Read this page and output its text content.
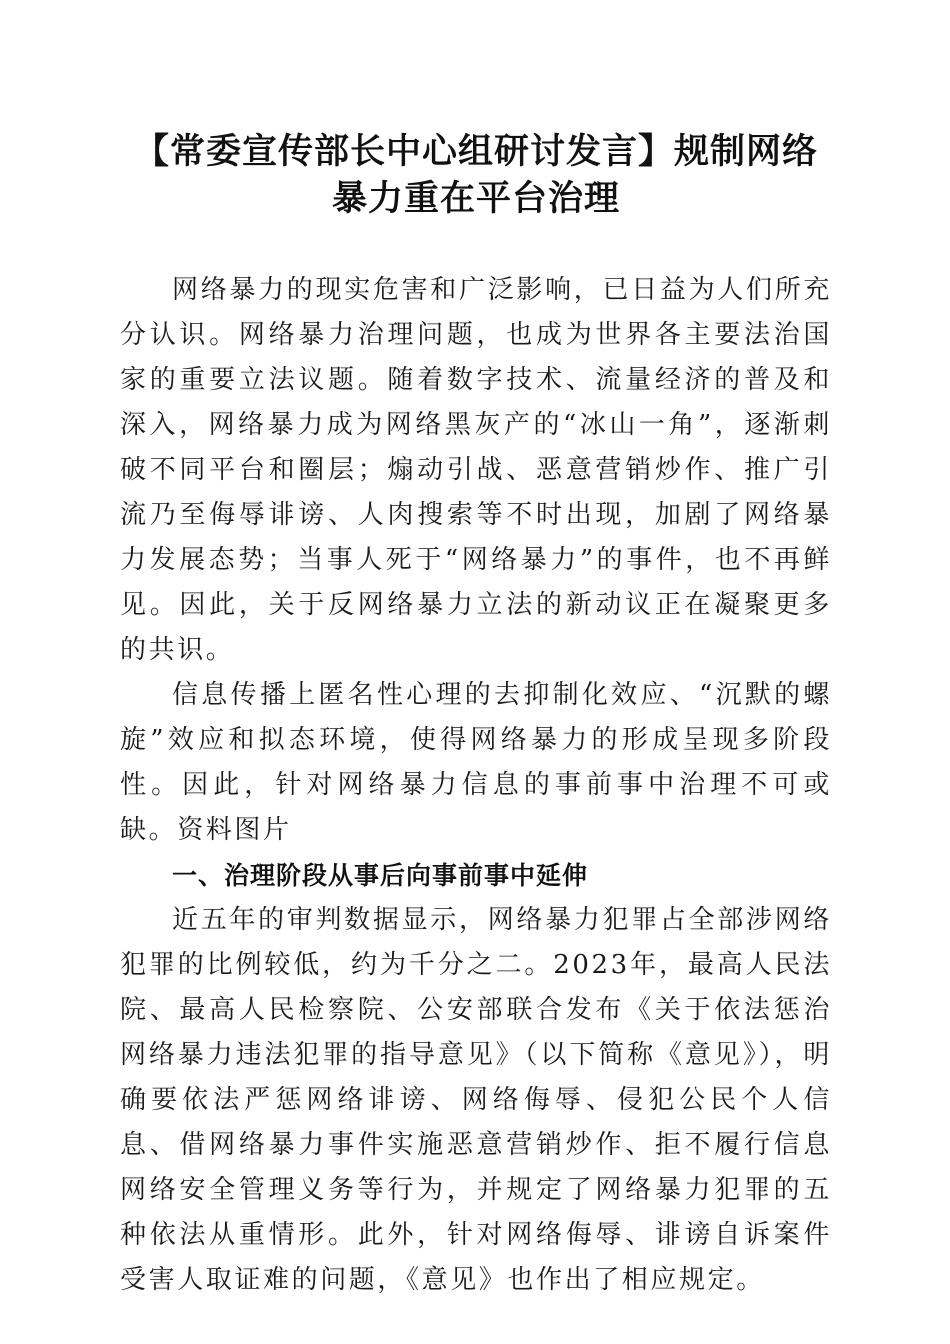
【常委宣传部长中心组研讨发言】规制网络暴力重在平台治理

网络暴力的现实危害和广泛影响，已日益为人们所充分认识。网络暴力治理问题，也成为世界各主要法治国家的重要立法议题。随着数字技术、流量经济的普及和深入，网络暴力成为网络黑灰产的“冰山一角”，逐渐刺破不同平台和圈层；煽动引战、恶意营销炒作、推广引流乃至侮辱诽谤、人肉搜索等不时出现，加剧了网络暴力发展态势；当事人死于“网络暴力”的事件，也不再鲜见。因此，关于反网络暴力立法的新动议正在凝聚更多的共识。

信息传播上匿名性心理的去抑制化效应、“沉默的螺旋”效应和拟态环境，使得网络暴力的形成呈现多阶段性。因此，针对网络暴力信息的事前事中治理不可或缺。资料图片

一、治理阶段从事后向事前事中延伸

近五年的审判数据显示，网络暴力犯罪占全部涉网络犯罪的比例较低，约为千分之二。2023年，最高人民法院、最高人民检察院、公安部联合发布《关于依法惩治网络暴力违法犯罪的指导意见》（以下简称《意见》），明确要依法严惩网络诽谤、网络侮辱、侵犯公民个人信息、借网络暴力事件实施恶意营销炒作、拒不履行信息网络安全管理义务等行为，并规定了网络暴力犯罪的五种依法从重情形。此外，针对网络侮辱、诽谤自诉案件受害人取证难的问题，《意见》也作出了相应规定。
